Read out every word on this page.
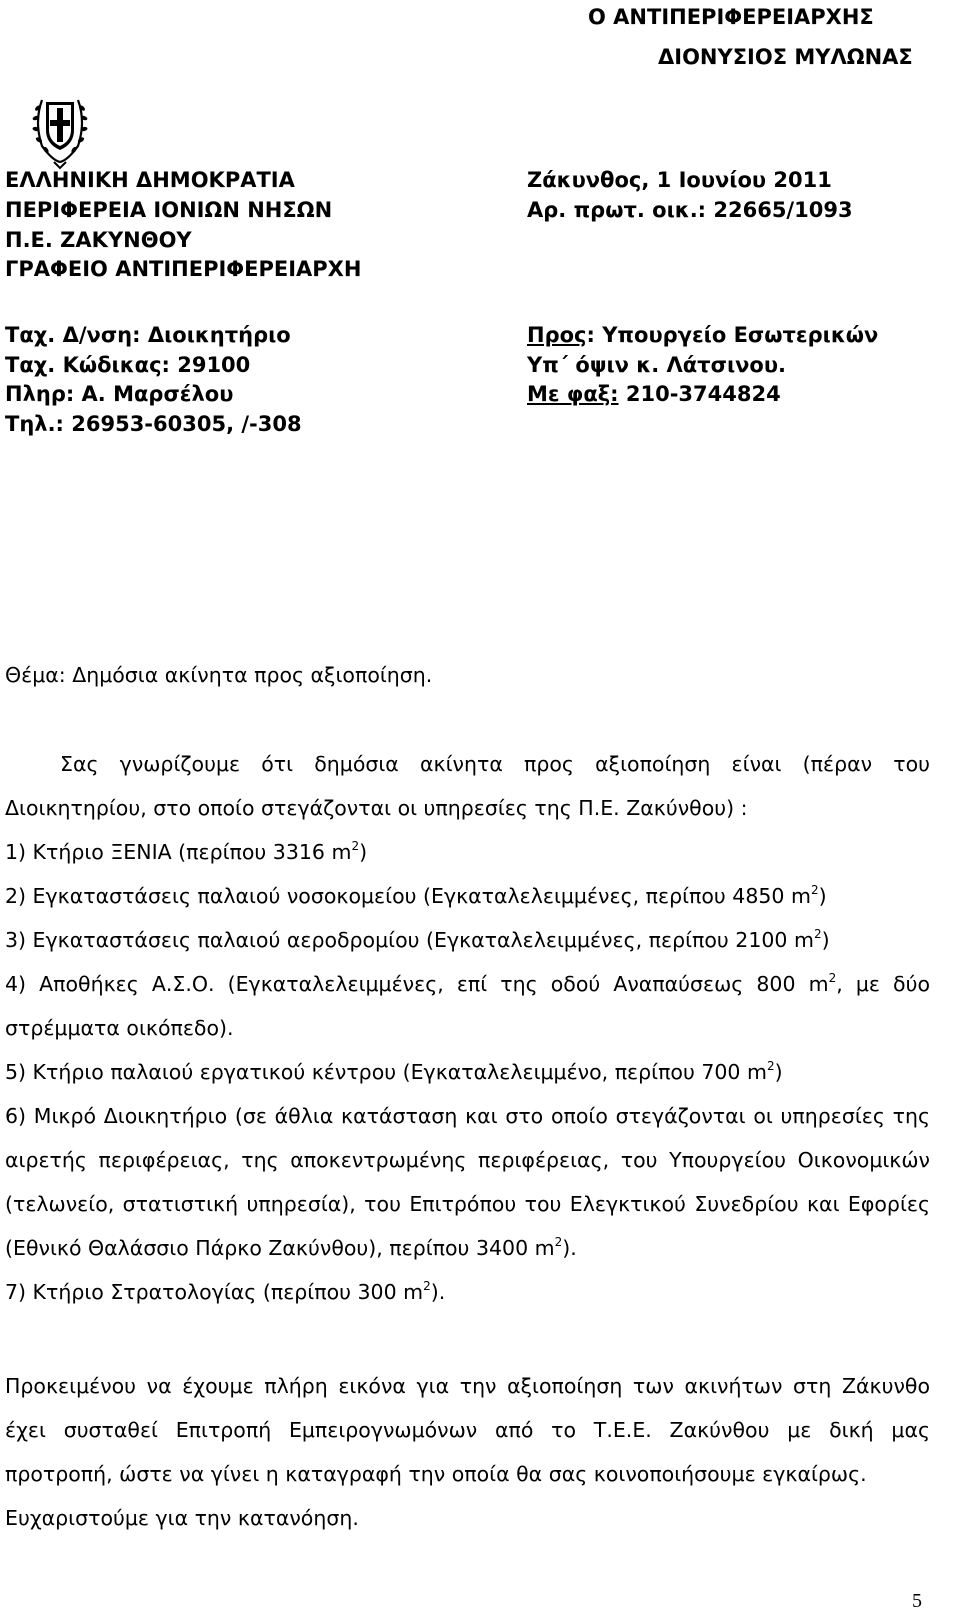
Ο ΑΝΤΙΠΕΡΙΦΕΡΕΙΑΡΧΗΣ
ΔΙΟΝΥΣΙΟΣ ΜΥΛΩΝΑΣ
ΕΛΛΗΝΙΚΗ ΔΗΜΟΚΡΑΤΙΑ
ΠΕΡΙΦΕΡΕΙΑ ΙΟΝΙΩΝ ΝΗΣΩΝ
Π.Ε. ΖΑΚΥΝΘΟΥ
ΓΡΑΦΕΙΟ ΑΝΤΙΠΕΡΙΦΕΡΕΙΑΡΧΗ
Ζάκυνθος, 1 Ιουνίου 2011
Αρ. πρωτ. οικ.: 22665/1093
Ταχ. Δ/νση: Διοικητήριο
Ταχ. Κώδικας: 29100
Πληρ: Α. Μαρσέλου
Τηλ.: 26953-60305, /-308
Προς: Υπουργείο Εσωτερικών
Υπ΄ όψιν κ. Λάτσινου.
Με φαξ: 210-3744824
Θέμα: Δημόσια ακίνητα προς αξιοποίηση.
Σας γνωρίζουμε ότι δημόσια ακίνητα προς αξιοποίηση είναι (πέραν του
Διοικητηρίου, στο οποίο στεγάζονται οι υπηρεσίες της Π.Ε. Ζακύνθου) :
1) Κτήριο ΞΕΝΙΑ (περίπου 3316 $m^2$)
2) Εγκαταστάσεις παλαιού νοσοκομείου (Εγκαταλελειμμένες, περίπου 4850 $m^2$)
3) Εγκαταστάσεις παλαιού αεροδρομίου (Εγκαταλελειμμένες, περίπου 2100 $m^2$)
4) Αποθήκες Α.Σ.Ο. (Εγκαταλελειμμένες, επί της οδού Αναπαύσεως 800 $m^2$, με δύο
στρέμματα οικόπεδο).
5) Κτήριο παλαιού εργατικού κέντρου (Εγκαταλελειμμένο, περίπου 700 $m^2$)
6) Μικρό Διοικητήριο (σε άθλια κατάσταση και στο οποίο στεγάζονται οι υπηρεσίες της
αιρετής περιφέρειας, της αποκεντρωμένης περιφέρειας, του Υπουργείου Οικονομικών
(τελωνείο, στατιστική υπηρεσία), του Επιτρόπου του Ελεγκτικού Συνεδρίου και Εφορίες
(Εθνικό Θαλάσσιο Πάρκο Ζακύνθου), περίπου 3400 $m^2$).
7) Κτήριο Στρατολογίας (περίπου 300 $m^2$).
Προκειμένου να έχουμε πλήρη εικόνα για την αξιοποίηση των ακινήτων στη Ζάκυνθο
έχει συσταθεί Επιτροπή Εμπειρογνωμόνων από το Τ.Ε.Ε. Ζακύνθου με δική μας
προτροπή, ώστε να γίνει η καταγραφή την οποία θα σας κοινοποιήσουμε εγκαίρως.
Ευχαριστούμε για την κατανόηση.
5
